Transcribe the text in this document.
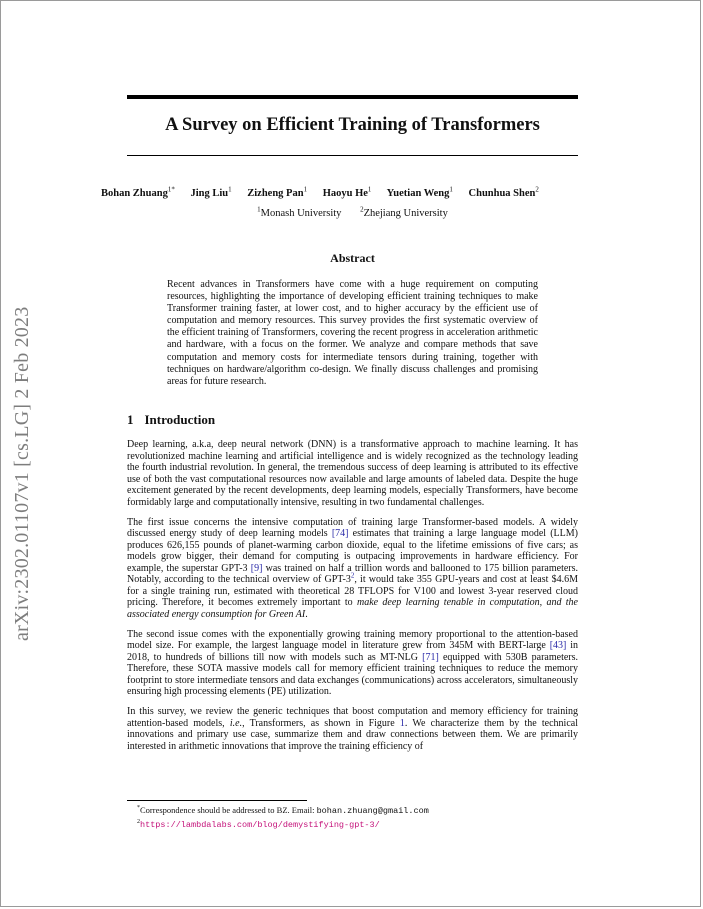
arXiv:2302.01107v1 [cs.LG] 2 Feb 2023
A Survey on Efficient Training of Transformers
Bohan Zhuang$^{1*}$ Jing Liu$^1$ Zizheng Pan$^1$ Haoyu He$^1$ Yuetian Weng$^1$ Chunhua Shen$^2$
$^1$Monash University	$^2$Zhejiang University
Abstract
Recent advances in Transformers have come with a huge requirement on computing resources, highlighting the importance of developing efficient training techniques to make Transformer training faster, at lower cost, and to higher accuracy by the efficient use of computation and memory resources. This survey provides the first systematic overview of the efficient training of Transformers, covering the recent progress in acceleration arithmetic and hardware, with a focus on the former. We analyze and compare methods that save computation and memory costs for intermediate tensors during training, together with techniques on hardware/algorithm co-design. We finally discuss challenges and promising areas for future research.
1 Introduction

Deep learning, a.k.a, deep neural network (DNN) is a transformative approach to machine learning. It has revolutionized machine learning and artificial intelligence and is widely recognized as the technology leading the fourth industrial revolution. In general, the tremendous success of deep learning is attributed to its effective use of both the vast computational resources now available and large amounts of labeled data. Despite the huge excitement generated by the recent developments, deep learning models, especially Transformers, have become formidably large and computationally intensive, resulting in two fundamental challenges.

The first issue concerns the intensive computation of training large Transformer-based models. A widely discussed energy study of deep learning models [74] estimates that training a large language model (LLM) produces 626,155 pounds of planet-warming carbon dioxide, equal to the lifetime emissions of five cars; as models grow bigger, their demand for computing is outpacing improvements in hardware efficiency. For example, the superstar GPT-3 [9] was trained on half a trillion words and ballooned to 175 billion parameters. Notably, according to the technical overview of GPT-3$^2$, it would take 355 GPU-years and cost at least $4.6M for a single training run, estimated with theoretical 28 TFLOPS for V100 and lowest 3-year reserved cloud pricing. Therefore, it becomes extremely important to make deep learning tenable in computation, and the associated energy consumption for Green AI.

The second issue comes with the exponentially growing training memory proportional to the attention-based model size. For example, the largest language model in literature grew from 345M with BERT-large [43] in 2018, to hundreds of billions till now with models such as MT-NLG [71] equipped with 530B parameters. Therefore, these SOTA massive models call for memory efficient training techniques to reduce the memory footprint to store intermediate tensors and data exchanges (communications) across accelerators, simultaneously ensuring high processing elements (PE) utilization.

In this survey, we review the generic techniques that boost computation and memory efficiency for training attention-based models, i.e., Transformers, as shown in Figure 1. We characterize them by the technical innovations and primary use case, summarize them and draw connections between them. We are primarily interested in arithmetic innovations that improve the training efficiency of

*Correspondence should be addressed to BZ. Email: bohan.zhuang@gmail.com
$^2$https://lambdalabs.com/blog/demystifying-gpt-3/
